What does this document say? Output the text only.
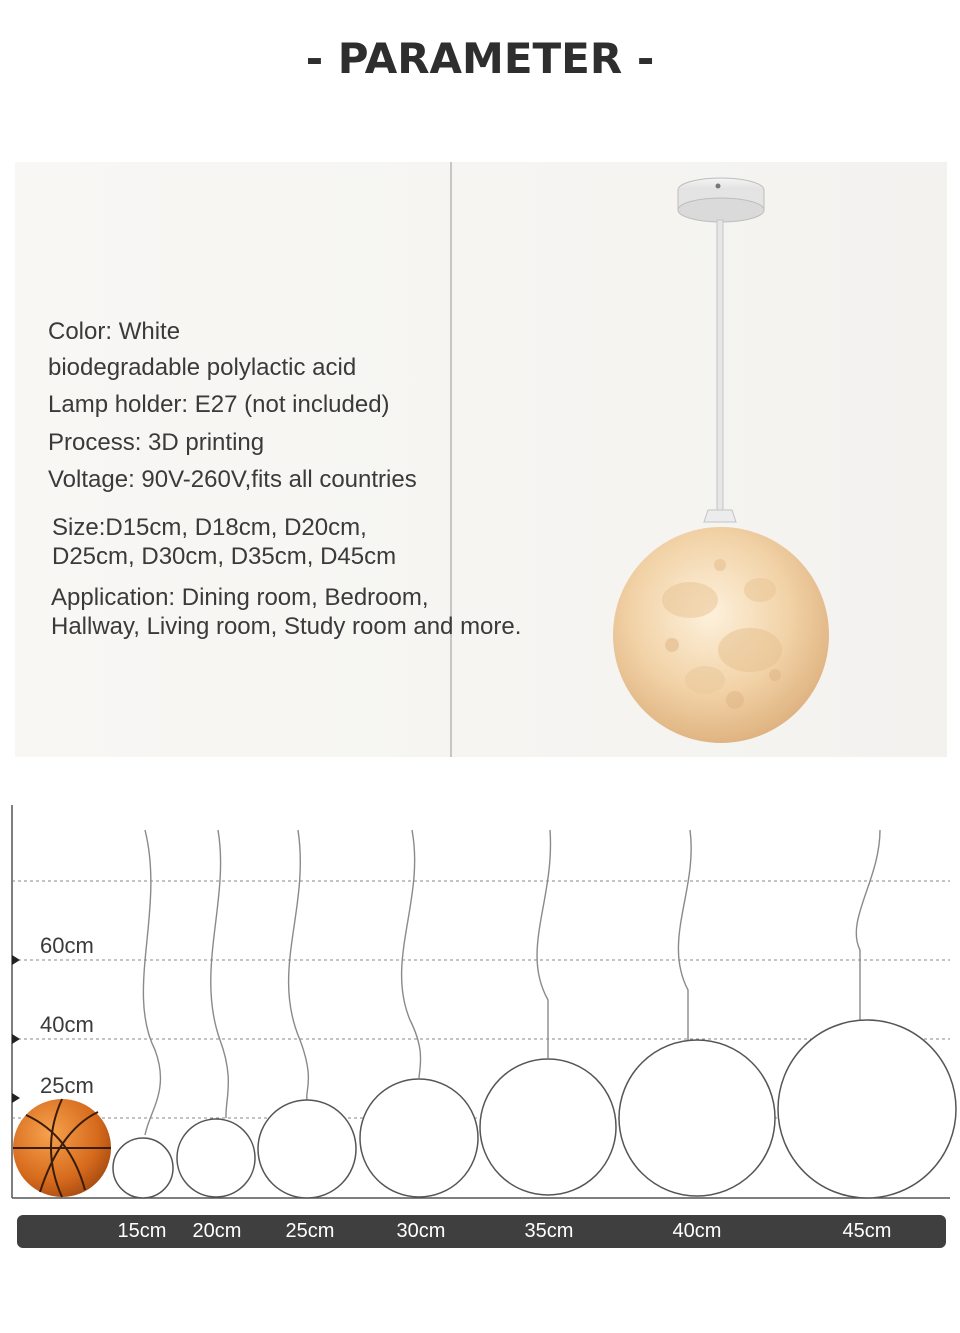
- PARAMETER -
Color: White
biodegradable polylactic acid
Lamp holder: E27 (not included)
Process: 3D printing
Voltage: 90V-260V,fits all countries
Size:D15cm, D18cm, D20cm,
D25cm, D30cm, D35cm, D45cm
Application: Dining room, Bedroom,
Hallway, Living room, Study room and more.
60cm
40cm
25cm
15cm 20cm 25cm	30cm	35cm	40cm	45cm
